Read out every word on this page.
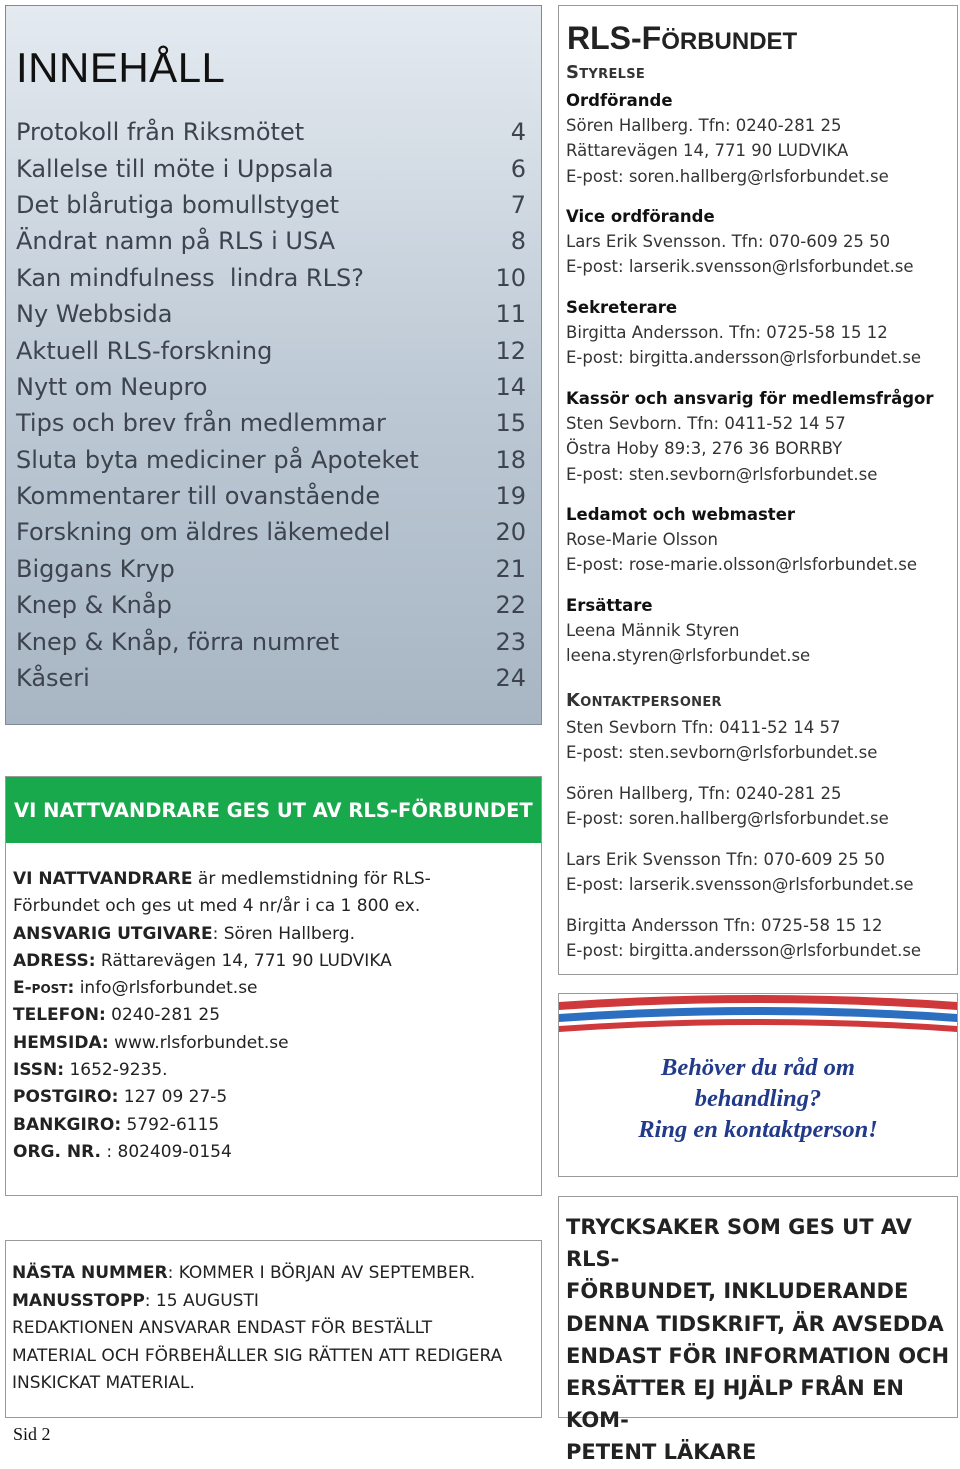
INNEHÅLL
Protokoll från Riksmötet	4
Kallelse till möte i Uppsala	6
Det blårutiga bomullstyget	7
Ändrat namn på RLS i USA	8
Kan mindfulness  lindra RLS?	10
Ny Webbsida	11
Aktuell RLS-forskning	12
Nytt om Neupro	14
Tips och brev från medlemmar	15
Sluta byta mediciner på Apoteket	18
Kommentarer till ovanstående	19
Forskning om äldres läkemedel	20
Biggans Kryp	21
Knep & Knåp	22
Knep & Knåp, förra numret	23
Kåseri	24
VI NATTVANDRARE GES UT AV RLS-FÖRBUNDET
VI NATTVANDRARE är medlemstidning för RLS-
Förbundet och ges ut med 4 nr/år i ca 1 800 ex.
ANSVARIG UTGIVARE: Sören Hallberg.
ADRESS: Rättarevägen 14, 771 90 LUDVIKA
E-post: info@rlsforbundet.se
TELEFON: 0240-281 25
HEMSIDA: www.rlsforbundet.se
ISSN: 1652-9235.
POSTGIRO: 127 09 27-5
BANKGIRO: 5792-6115
ORG. NR. : 802409-0154
NÄSTA NUMMER: KOMMER I BÖRJAN AV SEPTEMBER.
MANUSSTOPP: 15 AUGUSTI
REDAKTIONEN ANSVARAR ENDAST FÖR BESTÄLLT
MATERIAL OCH FÖRBEHÅLLER SIG RÄTTEN ATT REDIGERA
INSKICKAT MATERIAL.
Sid 2
RLS-FÖRBUNDET
Styrelse
Ordförande
Sören Hallberg. Tfn: 0240-281 25
Rättarevägen 14, 771 90 LUDVIKA
E-post: soren.hallberg@rlsforbundet.se
Vice ordförande
Lars Erik Svensson. Tfn: 070-609 25 50
E-post: larserik.svensson@rlsforbundet.se
Sekreterare
Birgitta Andersson. Tfn: 0725-58 15 12
E-post: birgitta.andersson@rlsforbundet.se
Kassör och ansvarig för medlemsfrågor
Sten Sevborn. Tfn: 0411-52 14 57
Östra Hoby 89:3, 276 36 BORRBY
E-post: sten.sevborn@rlsforbundet.se
Ledamot och webmaster
Rose-Marie Olsson
E-post: rose-marie.olsson@rlsforbundet.se
Ersättare
Leena Männik Styren
leena.styren@rlsforbundet.se
Kontaktpersoner
Sten Sevborn Tfn: 0411-52 14 57
E-post: sten.sevborn@rlsforbundet.se
Sören Hallberg, Tfn: 0240-281 25
E-post: soren.hallberg@rlsforbundet.se
Lars Erik Svensson Tfn: 070-609 25 50
E-post: larserik.svensson@rlsforbundet.se
Birgitta Andersson Tfn: 0725-58 15 12
E-post: birgitta.andersson@rlsforbundet.se
Behöver du råd om
behandling?
Ring en kontaktperson!
TRYCKSAKER SOM GES UT AV RLS-
FÖRBUNDET, INKLUDERANDE
DENNA TIDSKRIFT, ÄR AVSEDDA
ENDAST FÖR INFORMATION OCH
ERSÄTTER EJ HJÄLP FRÅN EN KOM-
PETENT LÄKARE
